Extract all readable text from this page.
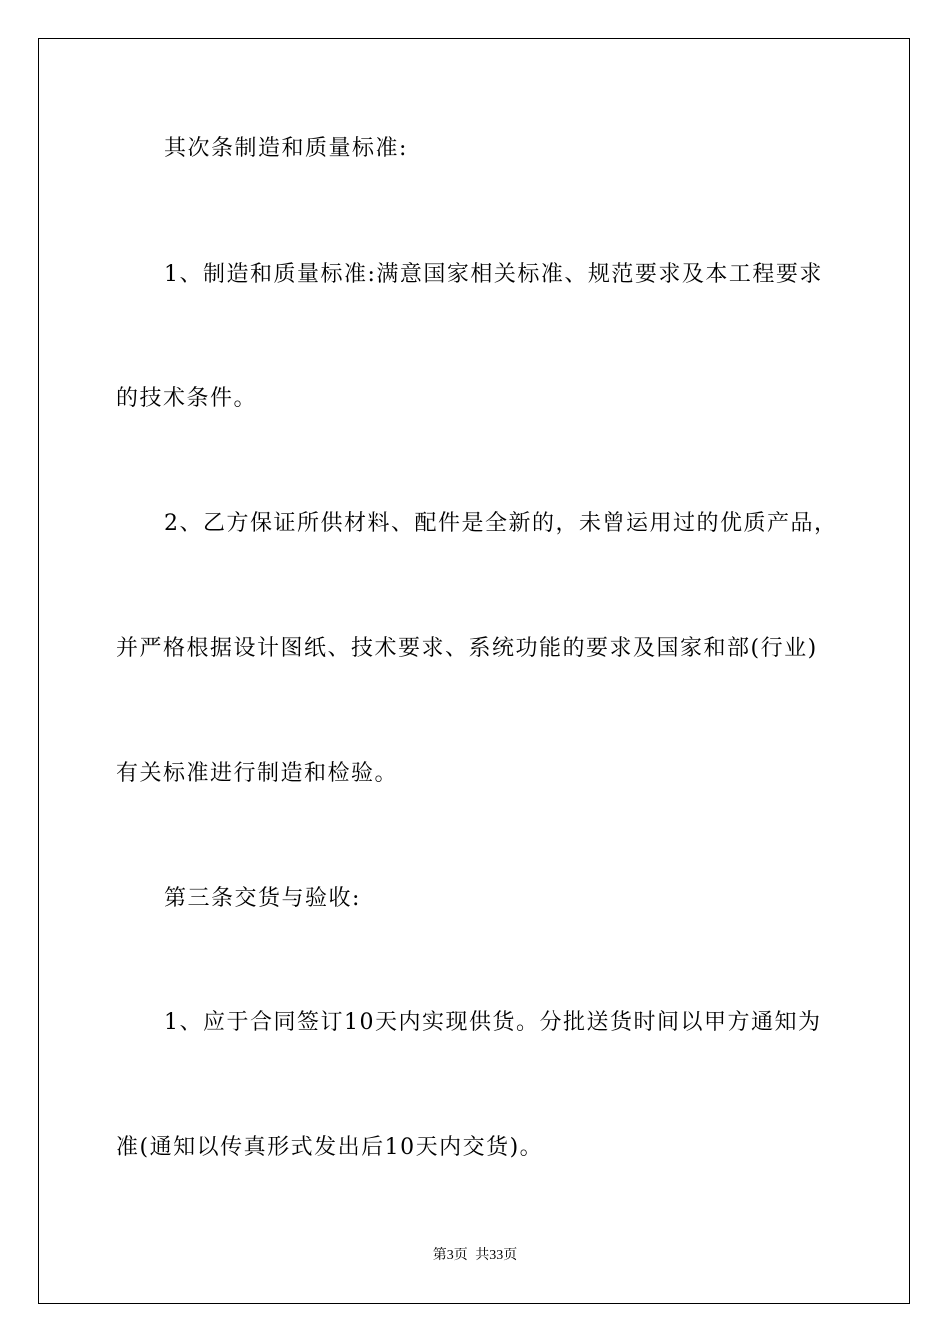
其次条制造和质量标准:
1、制造和质量标准:满意国家相关标准、规范要求及本工程要求
的技术条件。
2、乙方保证所供材料、配件是全新的，未曾运用过的优质产品，
并严格根据设计图纸、技术要求、系统功能的要求及国家和部(行业)
有关标准进行制造和检验。
第三条交货与验收:
1、应于合同签订10天内实现供货。分批送货时间以甲方通知为
准(通知以传真形式发出后10天内交货)。
第3页 共33页
